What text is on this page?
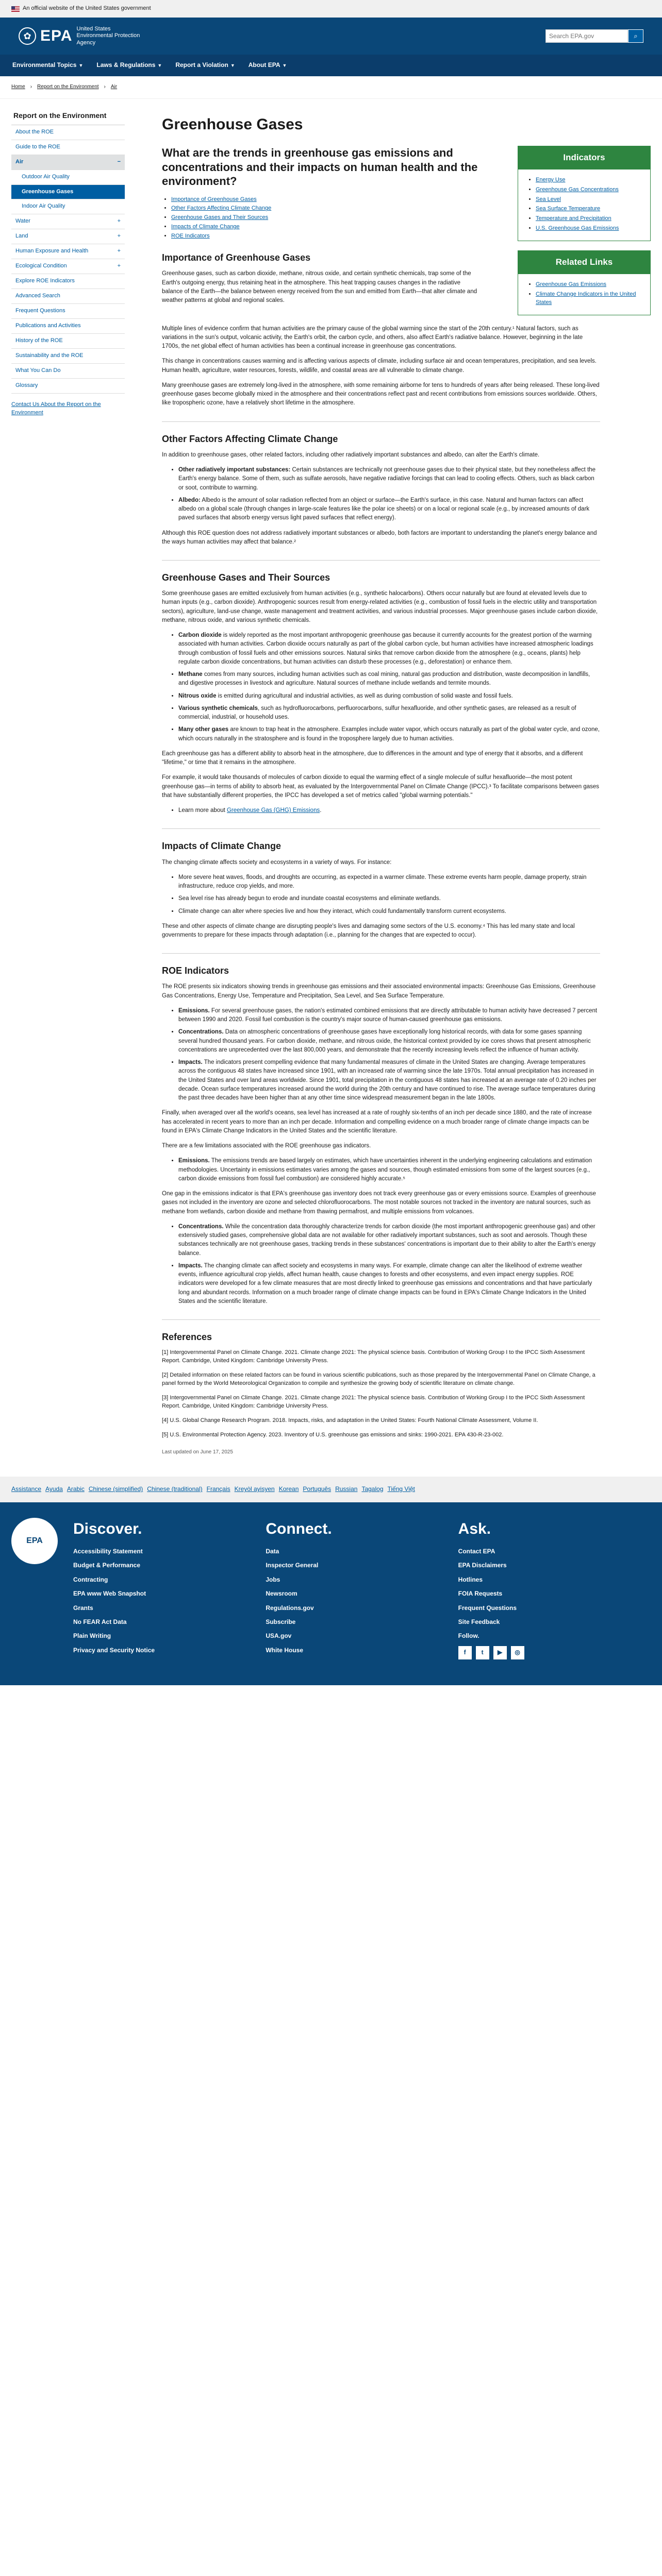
An official website of the United States government
✿ EPA United States
Environmental Protection
Agency
Search EPA.gov
⌕
Environmental Topics ▼ Laws & Regulations ▼ Report a Violation ▼ About EPA ▼
Home › Report on the Environment › Air
Report on the Environment
About the ROE
Guide to the ROE
Air	−
Outdoor Air Quality
Greenhouse Gases
Indoor Air Quality
Water	+
Land	+
Human Exposure and Health	+
Ecological Condition	+
Explore ROE Indicators
Advanced Search
Frequent Questions
Publications and Activities
History of the ROE
Sustainability and the ROE
What You Can Do
Glossary
Contact Us About the Report on the Environment
Greenhouse Gases
What are the trends in greenhouse gas emissions and concentrations and their impacts on human health and the environment?
• Importance of Greenhouse Gases
• Other Factors Affecting Climate Change
• Greenhouse Gases and Their Sources
• Impacts of Climate Change
• ROE Indicators
Importance of Greenhouse Gases

Greenhouse gases, such as carbon dioxide, methane, nitrous oxide, and certain synthetic chemicals, trap some of the Earth's outgoing energy, thus retaining heat in the atmosphere. This heat trapping causes changes in the radiative balance of the Earth—the balance between energy received from the sun and emitted from Earth—that alter climate and weather patterns at global and regional scales.

Indicators
• Energy Use
• Greenhouse Gas Concentrations
• Sea Level
• Sea Surface Temperature
• Temperature and Precipitation
• U.S. Greenhouse Gas Emissions
Related Links
• Greenhouse Gas Emissions
• Climate Change Indicators in the United States

Multiple lines of evidence confirm that human activities are the primary cause of the global warming since the start of the 20th century.¹ Natural factors, such as variations in the sun's output, volcanic activity, the Earth's orbit, the carbon cycle, and others, also affect Earth's radiative balance. However, beginning in the late 1700s, the net global effect of human activities has been a continual increase in greenhouse gas concentrations.

This change in concentrations causes warming and is affecting various aspects of climate, including surface air and ocean temperatures, precipitation, and sea levels. Human health, agriculture, water resources, forests, wildlife, and coastal areas are all vulnerable to climate change.

Many greenhouse gases are extremely long-lived in the atmosphere, with some remaining airborne for tens to hundreds of years after being released. These long-lived greenhouse gases become globally mixed in the atmosphere and their concentrations reflect past and recent contributions from emissions sources worldwide. Others, like tropospheric ozone, have a relatively short lifetime in the atmosphere.

Other Factors Affecting Climate Change

In addition to greenhouse gases, other related factors, including other radiatively important substances and albedo, can alter the Earth's climate.

• Other radiatively important substances: Certain substances are technically not greenhouse gases due to their physical state, but they nonetheless affect the Earth's energy balance. Some of them, such as sulfate aerosols, have negative radiative forcings that can lead to cooling effects. Others, such as black carbon or soot, contribute to warming.
• Albedo: Albedo is the amount of solar radiation reflected from an object or surface—the Earth's surface, in this case. Natural and human factors can affect albedo on a global scale (through changes in large-scale features like the polar ice sheets) or on a local or regional scale (e.g., by increased amounts of dark paved surfaces that absorb energy versus light paved surfaces that reflect energy).

Although this ROE question does not address radiatively important substances or albedo, both factors are important to understanding the planet's energy balance and the ways human activities may affect that balance.²

Greenhouse Gases and Their Sources

Some greenhouse gases are emitted exclusively from human activities (e.g., synthetic halocarbons). Others occur naturally but are found at elevated levels due to human inputs (e.g., carbon dioxide). Anthropogenic sources result from energy-related activities (e.g., combustion of fossil fuels in the electric utility and transportation sectors), agriculture, land-use change, waste management and treatment activities, and various industrial processes. Major greenhouse gases include carbon dioxide, methane, nitrous oxide, and various synthetic chemicals.

• Carbon dioxide is widely reported as the most important anthropogenic greenhouse gas because it currently accounts for the greatest portion of the warming associated with human activities. Carbon dioxide occurs naturally as part of the global carbon cycle, but human activities have increased atmospheric loadings through combustion of fossil fuels and other emissions sources. Natural sinks that remove carbon dioxide from the atmosphere (e.g., oceans, plants) help regulate carbon dioxide concentrations, but human activities can disturb these processes (e.g., deforestation) or enhance them.
• Methane comes from many sources, including human activities such as coal mining, natural gas production and distribution, waste decomposition in landfills, and digestive processes in livestock and agriculture. Natural sources of methane include wetlands and termite mounds.
• Nitrous oxide is emitted during agricultural and industrial activities, as well as during combustion of solid waste and fossil fuels.
• Various synthetic chemicals, such as hydrofluorocarbons, perfluorocarbons, sulfur hexafluoride, and other synthetic gases, are released as a result of commercial, industrial, or household uses.
• Many other gases are known to trap heat in the atmosphere. Examples include water vapor, which occurs naturally as part of the global water cycle, and ozone, which occurs naturally in the stratosphere and is found in the troposphere largely due to human activities.

Each greenhouse gas has a different ability to absorb heat in the atmosphere, due to differences in the amount and type of energy that it absorbs, and a different "lifetime," or time that it remains in the atmosphere.

For example, it would take thousands of molecules of carbon dioxide to equal the warming effect of a single molecule of sulfur hexafluoride—the most potent greenhouse gas—in terms of ability to absorb heat, as evaluated by the Intergovernmental Panel on Climate Change (IPCC).³ To facilitate comparisons between gases that have substantially different properties, the IPCC has developed a set of metrics called "global warming potentials."

• Learn more about Greenhouse Gas (GHG) Emissions.
Impacts of Climate Change

The changing climate affects society and ecosystems in a variety of ways. For instance:

• More severe heat waves, floods, and droughts are occurring, as expected in a warmer climate. These extreme events harm people, damage property, strain infrastructure, reduce crop yields, and more.
• Sea level rise has already begun to erode and inundate coastal ecosystems and eliminate wetlands.
• Climate change can alter where species live and how they interact, which could fundamentally transform current ecosystems.

These and other aspects of climate change are disrupting people's lives and damaging some sectors of the U.S. economy.⁴ This has led many state and local governments to prepare for these impacts through adaptation (i.e., planning for the changes that are expected to occur).

ROE Indicators

The ROE presents six indicators showing trends in greenhouse gas emissions and their associated environmental impacts: Greenhouse Gas Emissions, Greenhouse Gas Concentrations, Energy Use, Temperature and Precipitation, Sea Level, and Sea Surface Temperature.

• Emissions. For several greenhouse gases, the nation's estimated combined emissions that are directly attributable to human activity have decreased 7 percent between 1990 and 2020. Fossil fuel combustion is the country's major source of human-caused greenhouse gas emissions.
• Concentrations. Data on atmospheric concentrations of greenhouse gases have exceptionally long historical records, with data for some gases spanning several hundred thousand years. For carbon dioxide, methane, and nitrous oxide, the historical context provided by ice cores shows that present atmospheric concentrations are unprecedented over the last 800,000 years, and demonstrate that the recently increasing levels reflect the influence of human activity.
• Impacts. The indicators present compelling evidence that many fundamental measures of climate in the United States are changing. Average temperatures across the contiguous 48 states have increased since 1901, with an increased rate of warming since the late 1970s. Total annual precipitation has increased in the United States and over land areas worldwide. Since 1901, total precipitation in the contiguous 48 states has increased at an average rate of 0.20 inches per decade. Ocean surface temperatures increased around the world during the 20th century and have continued to rise. The average surface temperatures during the past three decades have been higher than at any other time since widespread measurement began in the late 1800s.

Finally, when averaged over all the world's oceans, sea level has increased at a rate of roughly six-tenths of an inch per decade since 1880, and the rate of increase has accelerated in recent years to more than an inch per decade. Information and compelling evidence on a much broader range of climate change impacts can be found in EPA's Climate Change Indicators in the United States and the scientific literature.

There are a few limitations associated with the ROE greenhouse gas indicators.

• Emissions. The emissions trends are based largely on estimates, which have uncertainties inherent in the underlying engineering calculations and estimation methodologies. Uncertainty in emissions estimates varies among the gases and sources, though estimated emissions from some of the largest sources (e.g., carbon dioxide emissions from fossil fuel combustion) are considered highly accurate.⁵

One gap in the emissions indicator is that EPA's greenhouse gas inventory does not track every greenhouse gas or every emissions source. Examples of greenhouse gases not included in the inventory are ozone and selected chlorofluorocarbons. The most notable sources not tracked in the inventory are natural sources, such as methane from wetlands, carbon dioxide and methane from thawing permafrost, and multiple emissions from volcanoes.

• Concentrations. While the concentration data thoroughly characterize trends for carbon dioxide (the most important anthropogenic greenhouse gas) and other extensively studied gases, comprehensive global data are not available for other radiatively important substances, such as soot and aerosols. Though these substances technically are not greenhouse gases, tracking trends in these substances' concentrations is important due to their ability to alter the Earth's energy balance.
• Impacts. The changing climate can affect society and ecosystems in many ways. For example, climate change can alter the likelihood of extreme weather events, influence agricultural crop yields, affect human health, cause changes to forests and other ecosystems, and even impact energy supplies. ROE indicators were developed for a few climate measures that are most directly linked to greenhouse gas emissions and concentrations and that have particularly long and abundant records. Information on a much broader range of climate change impacts can be found in EPA's Climate Change Indicators in the United States and the scientific literature.
References
[1] Intergovernmental Panel on Climate Change. 2021. Climate change 2021: The physical science basis. Contribution of Working Group I to the IPCC Sixth Assessment Report. Cambridge, United Kingdom: Cambridge University Press.
[2] Detailed information on these related factors can be found in various scientific publications, such as those prepared by the Intergovernmental Panel on Climate Change, a panel formed by the World Meteorological Organization to compile and synthesize the growing body of scientific literature on climate change.
[3] Intergovernmental Panel on Climate Change. 2021. Climate change 2021: The physical science basis. Contribution of Working Group I to the IPCC Sixth Assessment Report. Cambridge, United Kingdom: Cambridge University Press.
[4] U.S. Global Change Research Program. 2018. Impacts, risks, and adaptation in the United States: Fourth National Climate Assessment, Volume II.
[5] U.S. Environmental Protection Agency. 2023. Inventory of U.S. greenhouse gas emissions and sinks: 1990-2021. EPA 430-R-23-002.
Last updated on June 17, 2025
Assistance Ayuda Arabic Chinese (simplified) Chinese (traditional) Français Kreyòl ayisyen Korean Português Russian Tagalog Tiếng Việt
EPA
Discover.
Accessibility Statement
Budget & Performance
Contracting
EPA www Web Snapshot
Grants
No FEAR Act Data
Plain Writing
Privacy and Security Notice
Connect.
Data
Inspector General
Jobs
Newsroom
Regulations.gov
Subscribe
USA.gov
White House
Ask.
Contact EPA
EPA Disclaimers
Hotlines
FOIA Requests
Frequent Questions
Site Feedback
Follow.
f	t	▶	◎
